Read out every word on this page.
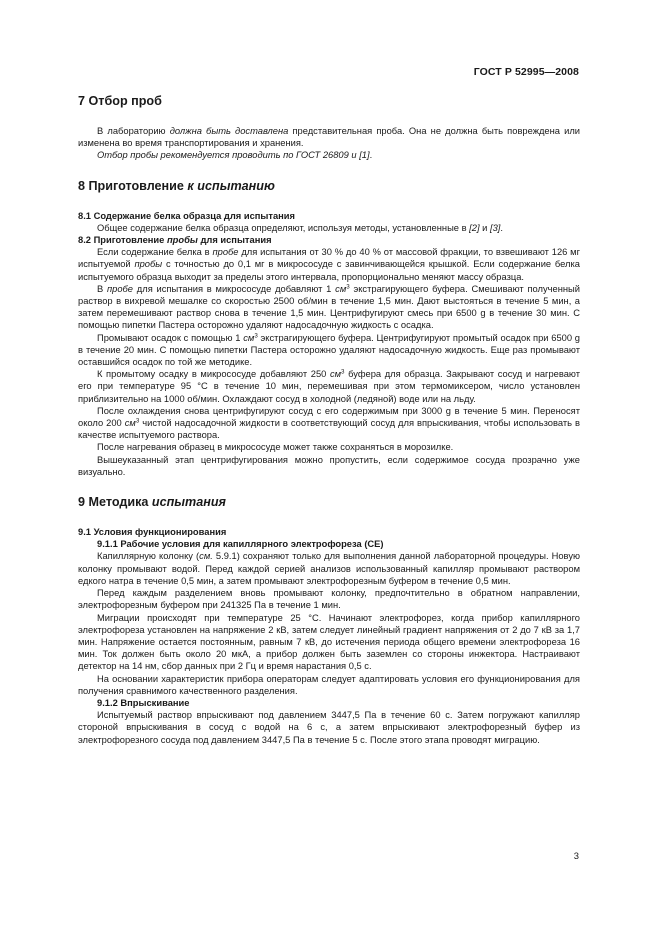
ГОСТ Р 52995—2008
7 Отбор проб

В лабораторию должна быть доставлена представительная проба. Она не должна быть повреждена или изменена во время транспортирования и хранения.

Отбор пробы рекомендуется проводить по ГОСТ 26809 и [1].

8 Приготовление к испытанию
8.1 Содержание белка образца для испытания

Общее содержание белка образца определяют, используя методы, установленные в [2] и [3].

8.2 Приготовление пробы для испытания

Если содержание белка в пробе для испытания от 30 % до 40 % от массовой фракции, то взвешивают 126 мг испытуемой пробы с точностью до 0,1 мг в микрососуде с завинчивающейся крышкой. Если содержание белка испытуемого образца выходит за пределы этого интервала, пропорционально меняют массу образца.

В пробе для испытания в микрососуде добавляют 1 $см^3$ экстрагирующего буфера. Смешивают полученный раствор в вихревой мешалке со скоростью 2500 об/мин в течение 1,5 мин. Дают выстояться в течение 5 мин, а затем перемешивают раствор снова в течение 1,5 мин. Центрифугируют смесь при 6500 g в течение 30 мин. С помощью пипетки Пастера осторожно удаляют надосадочную жидкость с осадка.

Промывают осадок с помощью 1 $см^3$ экстрагирующего буфера. Центрифугируют промытый осадок при 6500 g в течение 20 мин. С помощью пипетки Пастера осторожно удаляют надосадочную жидкость. Еще раз промывают оставшийся осадок по той же методике.

К промытому осадку в микрососуде добавляют 250 $см^3$ буфера для образца. Закрывают сосуд и нагревают его при температуре 95 °С в течение 10 мин, перемешивая при этом термомиксером, число установлен приблизительно на 1000 об/мин. Охлаждают сосуд в холодной (ледяной) воде или на льду.

После охлаждения снова центрифугируют сосуд с его содержимым при 3000 g в течение 5 мин. Переносят около 200 $см^3$ чистой надосадочной жидкости в соответствующий сосуд для впрыскивания, чтобы использовать в качестве испытуемого раствора.

После нагревания образец в микрососуде может также сохраняться в морозилке.

Вышеуказанный этап центрифугирования можно пропустить, если содержимое сосуда прозрачно уже визуально.

9 Методика испытания
9.1 Условия функционирования
9.1.1 Рабочие условия для капиллярного электрофореза (СЕ)

Капиллярную колонку (см. 5.9.1) сохраняют только для выполнения данной лабораторной процедуры. Новую колонку промывают водой. Перед каждой серией анализов использованный капилляр промывают раствором едкого натра в течение 0,5 мин, а затем промывают электрофорезным буфером в течение 0,5 мин.

Перед каждым разделением вновь промывают колонку, предпочтительно в обратном направлении, электрофорезным буфером при 241325 Па в течение 1 мин.

Миграции происходят при температуре 25 °С. Начинают электрофорез, когда прибор капиллярного электрофореза установлен на напряжение 2 кВ, затем следует линейный градиент напряжения от 2 до 7 кВ за 1,7 мин. Напряжение остается постоянным, равным 7 кВ, до истечения периода общего времени электрофореза 16 мин. Ток должен быть около 20 мкА, а прибор должен быть заземлен со стороны инжектора. Настраивают детектор на 14 нм, сбор данных при 2 Гц и время нарастания 0,5 с.

На основании характеристик прибора операторам следует адаптировать условия его функционирования для получения сравнимого качественного разделения.

9.1.2 Впрыскивание

Испытуемый раствор впрыскивают под давлением 3447,5 Па в течение 60 с. Затем погружают капилляр стороной впрыскивания в сосуд с водой на 6 с, а затем впрыскивают электрофорезный буфер из электрофорезного сосуда под давлением 3447,5 Па в течение 5 с. После этого этапа проводят миграцию.

3
